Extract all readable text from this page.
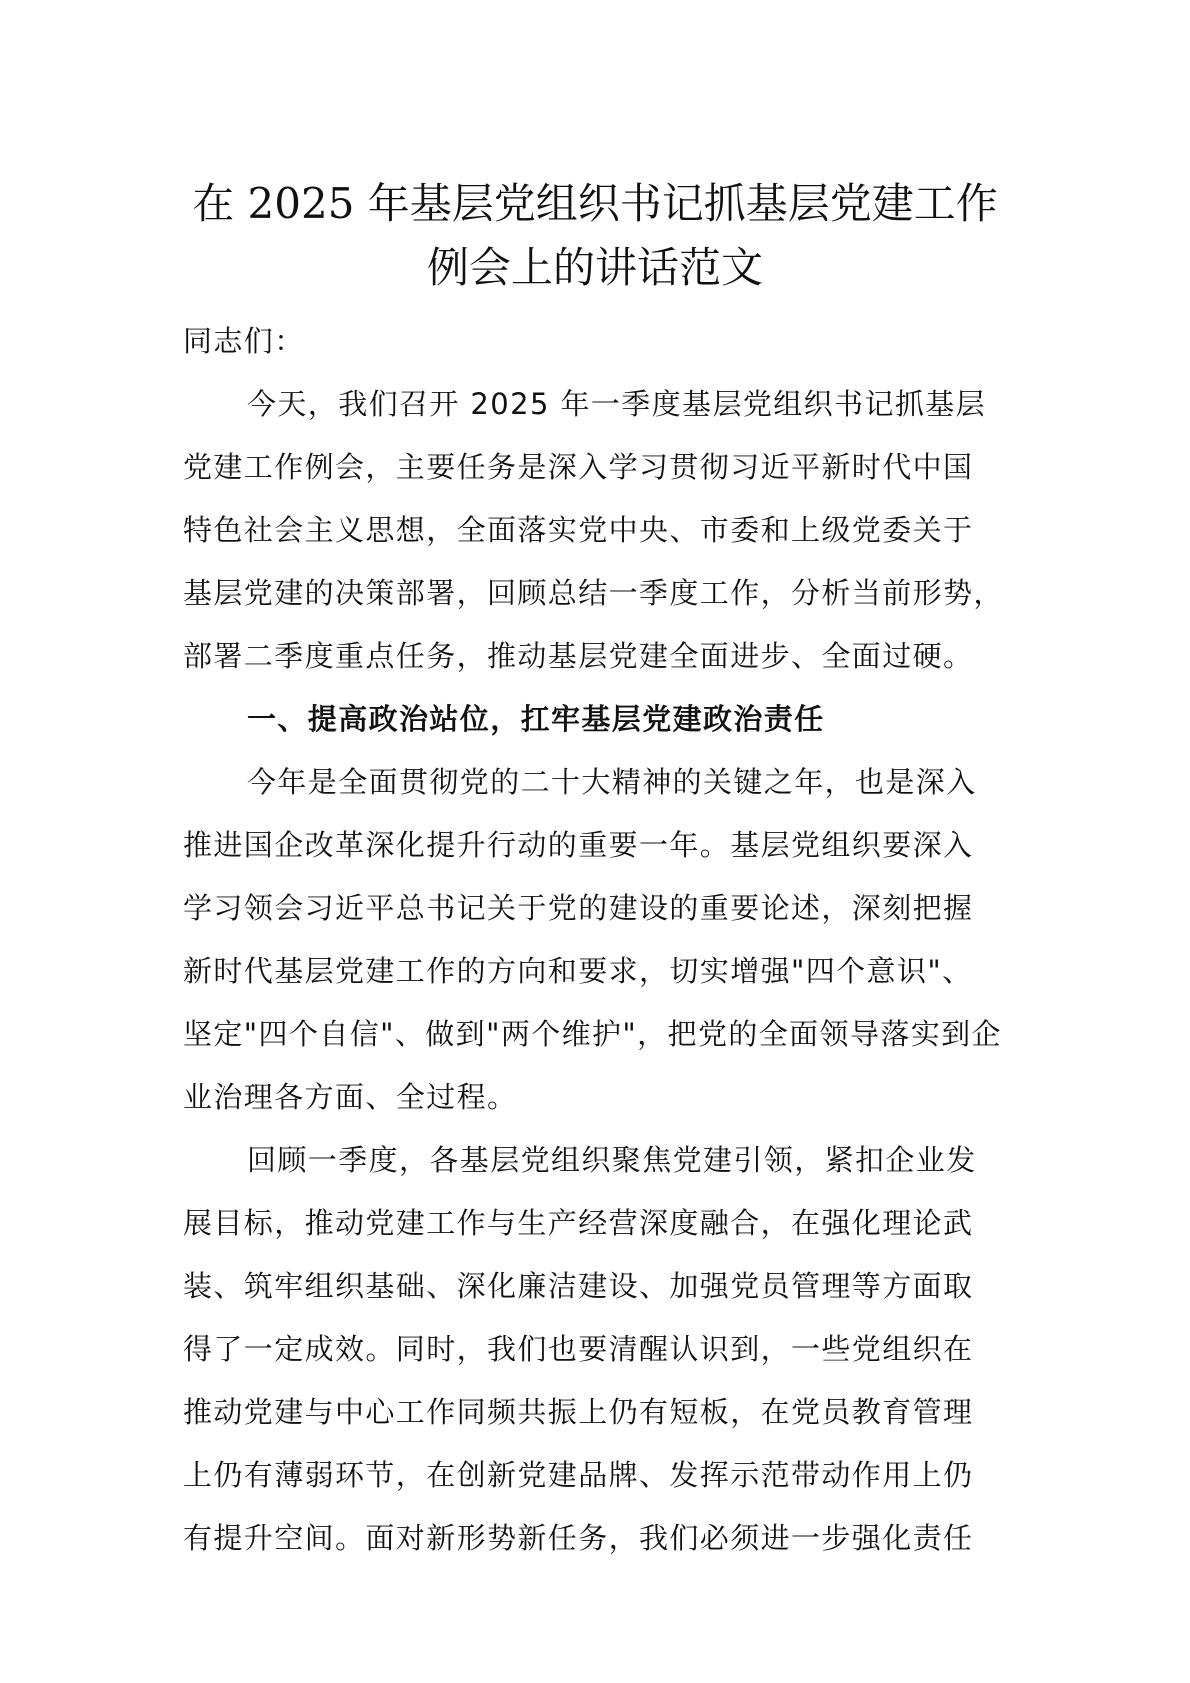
在 2025 年基层党组织书记抓基层党建工作
例会上的讲话范文
同志们：
今天，我们召开 2025 年一季度基层党组织书记抓基层
党建工作例会，主要任务是深入学习贯彻习近平新时代中国
特色社会主义思想，全面落实党中央、市委和上级党委关于
基层党建的决策部署，回顾总结一季度工作，分析当前形势，
部署二季度重点任务，推动基层党建全面进步、全面过硬。
一、提高政治站位，扛牢基层党建政治责任
今年是全面贯彻党的二十大精神的关键之年，也是深入
推进国企改革深化提升行动的重要一年。基层党组织要深入
学习领会习近平总书记关于党的建设的重要论述，深刻把握
新时代基层党建工作的方向和要求，切实增强"四个意识"、
坚定"四个自信"、做到"两个维护"，把党的全面领导落实到企
业治理各方面、全过程。
回顾一季度，各基层党组织聚焦党建引领，紧扣企业发
展目标，推动党建工作与生产经营深度融合，在强化理论武
装、筑牢组织基础、深化廉洁建设、加强党员管理等方面取
得了一定成效。同时，我们也要清醒认识到，一些党组织在
推动党建与中心工作同频共振上仍有短板，在党员教育管理
上仍有薄弱环节，在创新党建品牌、发挥示范带动作用上仍
有提升空间。面对新形势新任务，我们必须进一步强化责任
